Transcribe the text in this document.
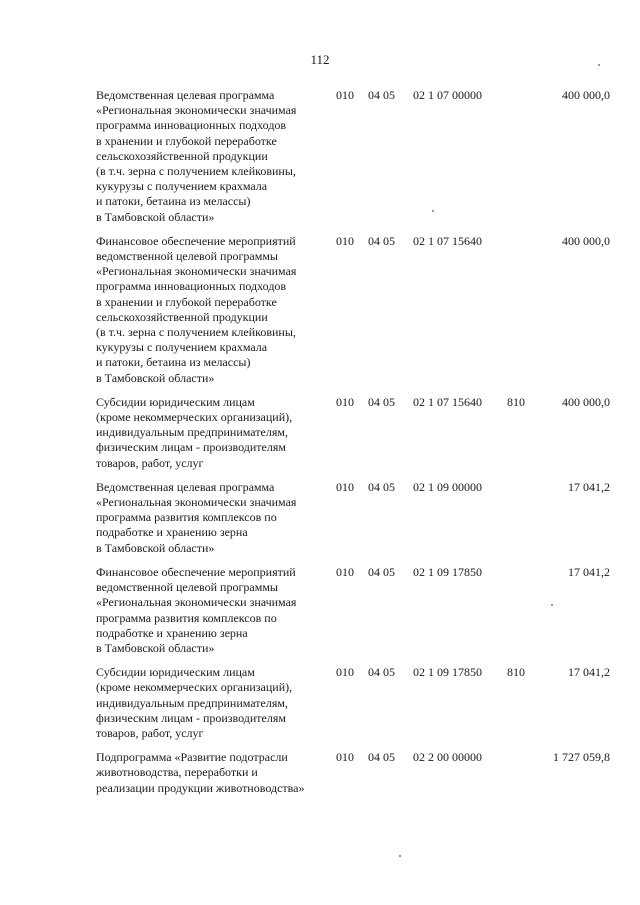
112
Ведомственная целевая программа
«Региональная экономически значимая
программа инновационных подходов
в хранении и глубокой переработке
сельскохозяйственной продукции
(в т.ч. зерна с получением клейковины,
кукурузы с получением крахмала
и патоки, бетаина из мелассы)
в Тамбовской области»
010 04 05 02 1 07 00000	400 000,0
Финансовое обеспечение мероприятий
ведомственной целевой программы
«Региональная экономически значимая
программа инновационных подходов
в хранении и глубокой переработке
сельскохозяйственной продукции
(в т.ч. зерна с получением клейковины,
кукурузы с получением крахмала
и патоки, бетаина из мелассы)
в Тамбовской области»
010 04 05 02 1 07 15640	400 000,0
Субсидии юридическим лицам
(кроме некоммерческих организаций),
индивидуальным предпринимателям,
физическим лицам - производителям
товаров, работ, услуг
010 04 05 02 1 07 15640 810	400 000,0
Ведомственная целевая программа
«Региональная экономически значимая
программа развития комплексов по
подработке и хранению зерна
в Тамбовской области»
010 04 05 02 1 09 00000	17 041,2
Финансовое обеспечение мероприятий
ведомственной целевой программы
«Региональная экономически значимая
программа развития комплексов по
подработке и хранению зерна
в Тамбовской области»
010 04 05 02 1 09 17850	17 041,2
Субсидии юридическим лицам
(кроме некоммерческих организаций),
индивидуальным предпринимателям,
физическим лицам - производителям
товаров, работ, услуг
010 04 05 02 1 09 17850 810	17 041,2
Подпрограмма «Развитие подотрасли
животноводства, переработки и
реализации продукции животноводства»
010 04 05 02 2 00 00000	1 727 059,8
